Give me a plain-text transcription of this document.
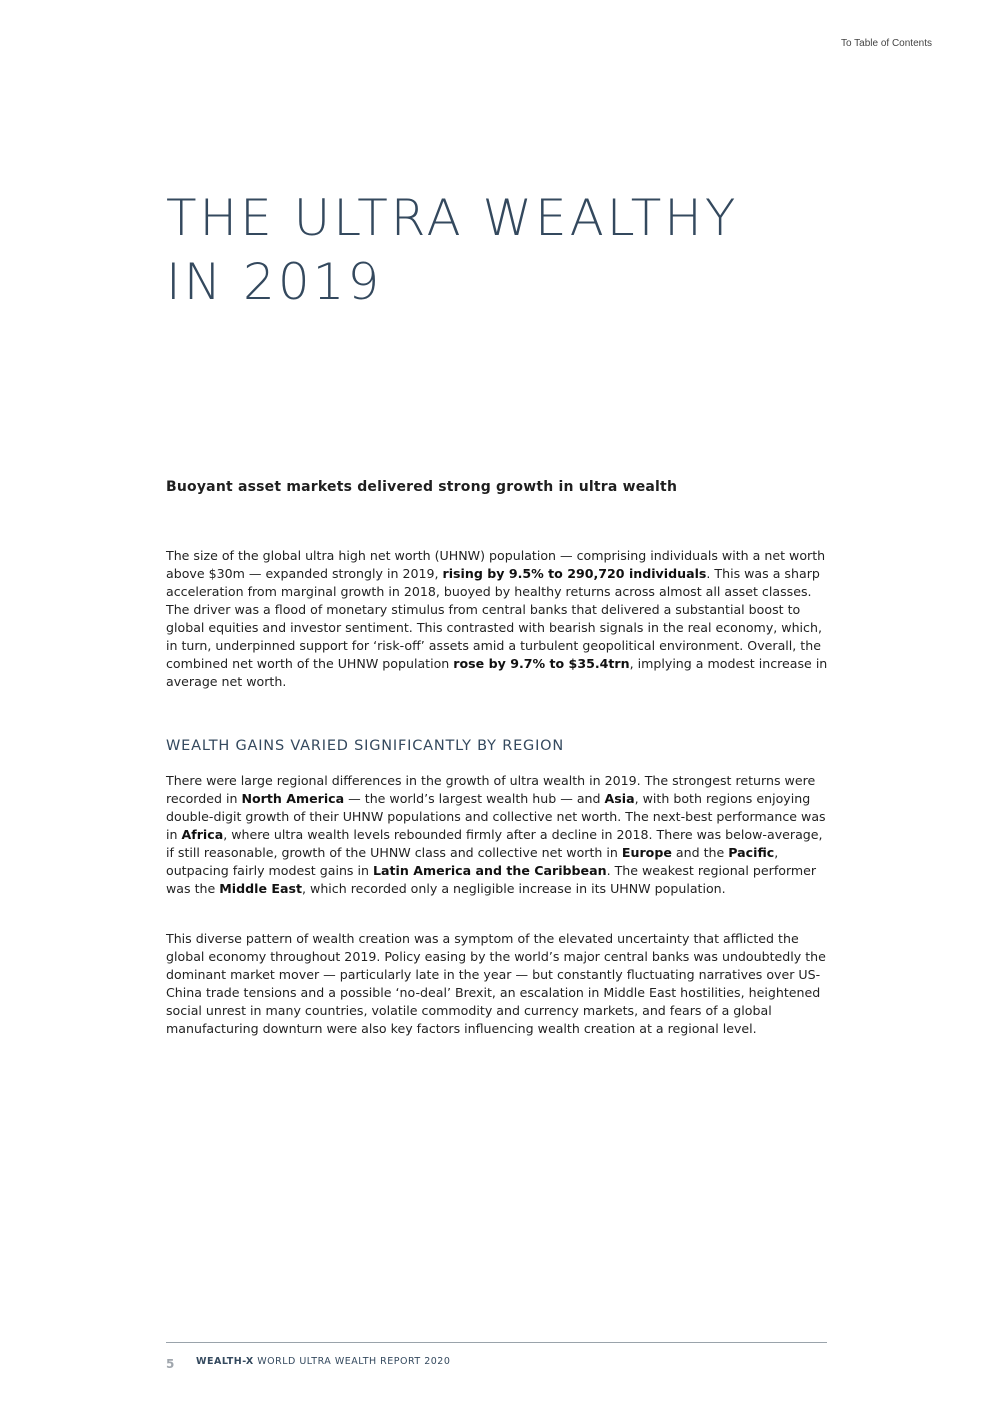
To Table of Contents
THE ULTRA WEALTHY
IN 2019
Buoyant asset markets delivered strong growth in ultra wealth

The size of the global ultra high net worth (UHNW) population — comprising individuals with a net worth above $30m — expanded strongly in 2019, rising by 9.5% to 290,720 individuals. This was a sharp acceleration from marginal growth in 2018, buoyed by healthy returns across almost all asset classes. The driver was a flood of monetary stimulus from central banks that delivered a substantial boost to global equities and investor sentiment. This contrasted with bearish signals in the real economy, which, in turn, underpinned support for ‘risk-off’ assets amid a turbulent geopolitical environment. Overall, the combined net worth of the UHNW population rose by 9.7% to $35.4trn, implying a modest increase in average net worth.

WEALTH GAINS VARIED SIGNIFICANTLY BY REGION

There were large regional differences in the growth of ultra wealth in 2019. The strongest returns were recorded in North America — the world’s largest wealth hub — and Asia, with both regions enjoying double-digit growth of their UHNW populations and collective net worth. The next-best performance was in Africa, where ultra wealth levels rebounded firmly after a decline in 2018. There was below-average, if still reasonable, growth of the UHNW class and collective net worth in Europe and the Pacific, outpacing fairly modest gains in Latin America and the Caribbean. The weakest regional performer was the Middle East, which recorded only a negligible increase in its UHNW population.

This diverse pattern of wealth creation was a symptom of the elevated uncertainty that afflicted the global economy throughout 2019. Policy easing by the world’s major central banks was undoubtedly the dominant market mover — particularly late in the year — but constantly fluctuating narratives over US-China trade tensions and a possible ‘no-deal’ Brexit, an escalation in Middle East hostilities, heightened social unrest in many countries, volatile commodity and currency markets, and fears of a global manufacturing downturn were also key factors influencing wealth creation at a regional level.

5 WEALTH-X WORLD ULTRA WEALTH REPORT 2020
